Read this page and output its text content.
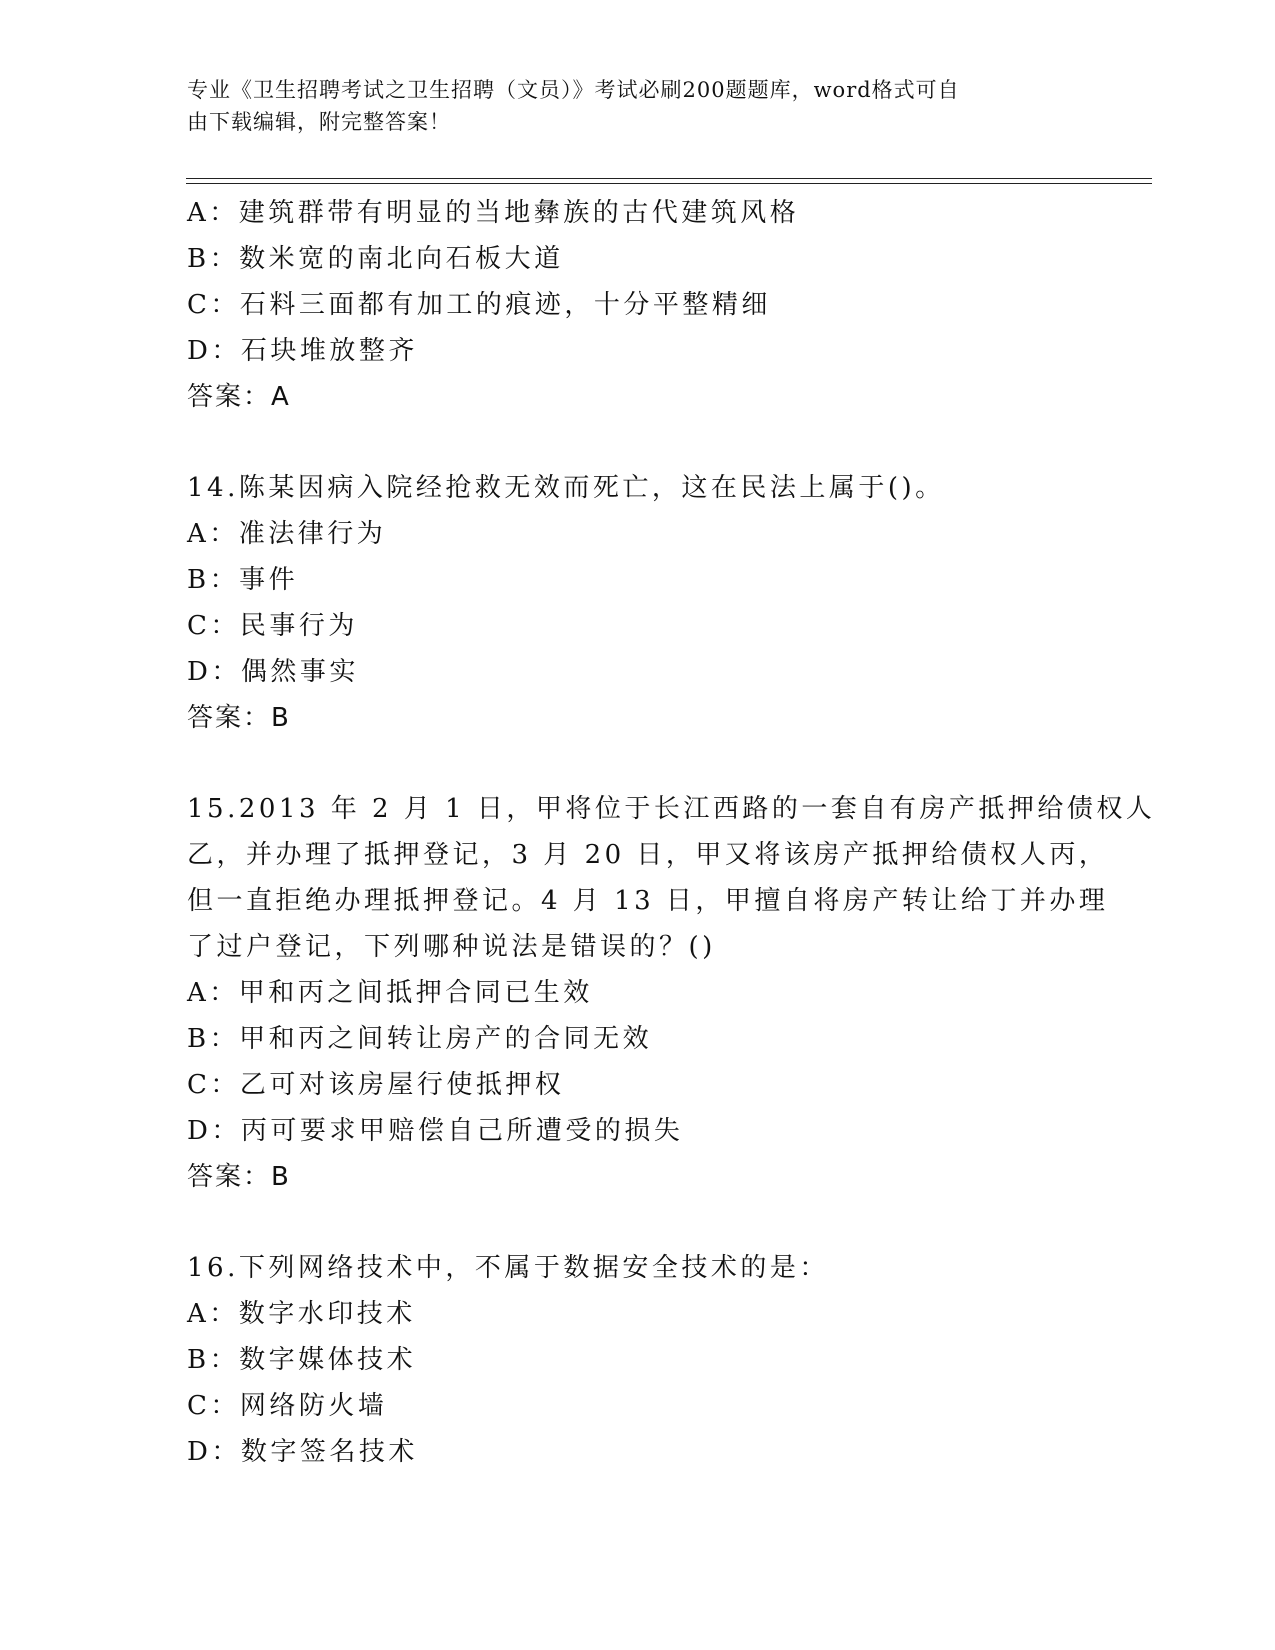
专业《卫生招聘考试之卫生招聘（文员）》考试必刷200题题库，word格式可自
由下载编辑，附完整答案！
A：建筑群带有明显的当地彝族的古代建筑风格
B：数米宽的南北向石板大道
C：石料三面都有加工的痕迹，十分平整精细
D：石块堆放整齐
答案：A
14.陈某因病入院经抢救无效而死亡，这在民法上属于()。
A：准法律行为
B：事件
C：民事行为
D：偶然事实
答案：B
15.2013 年 2 月 1 日，甲将位于长江西路的一套自有房产抵押给债权人
乙，并办理了抵押登记，3 月 20 日，甲又将该房产抵押给债权人丙，
但一直拒绝办理抵押登记。4 月 13 日，甲擅自将房产转让给丁并办理
了过户登记，下列哪种说法是错误的？()
A：甲和丙之间抵押合同已生效
B：甲和丙之间转让房产的合同无效
C：乙可对该房屋行使抵押权
D：丙可要求甲赔偿自己所遭受的损失
答案：B
16.下列网络技术中，不属于数据安全技术的是：
A：数字水印技术
B：数字媒体技术
C：网络防火墙
D：数字签名技术
